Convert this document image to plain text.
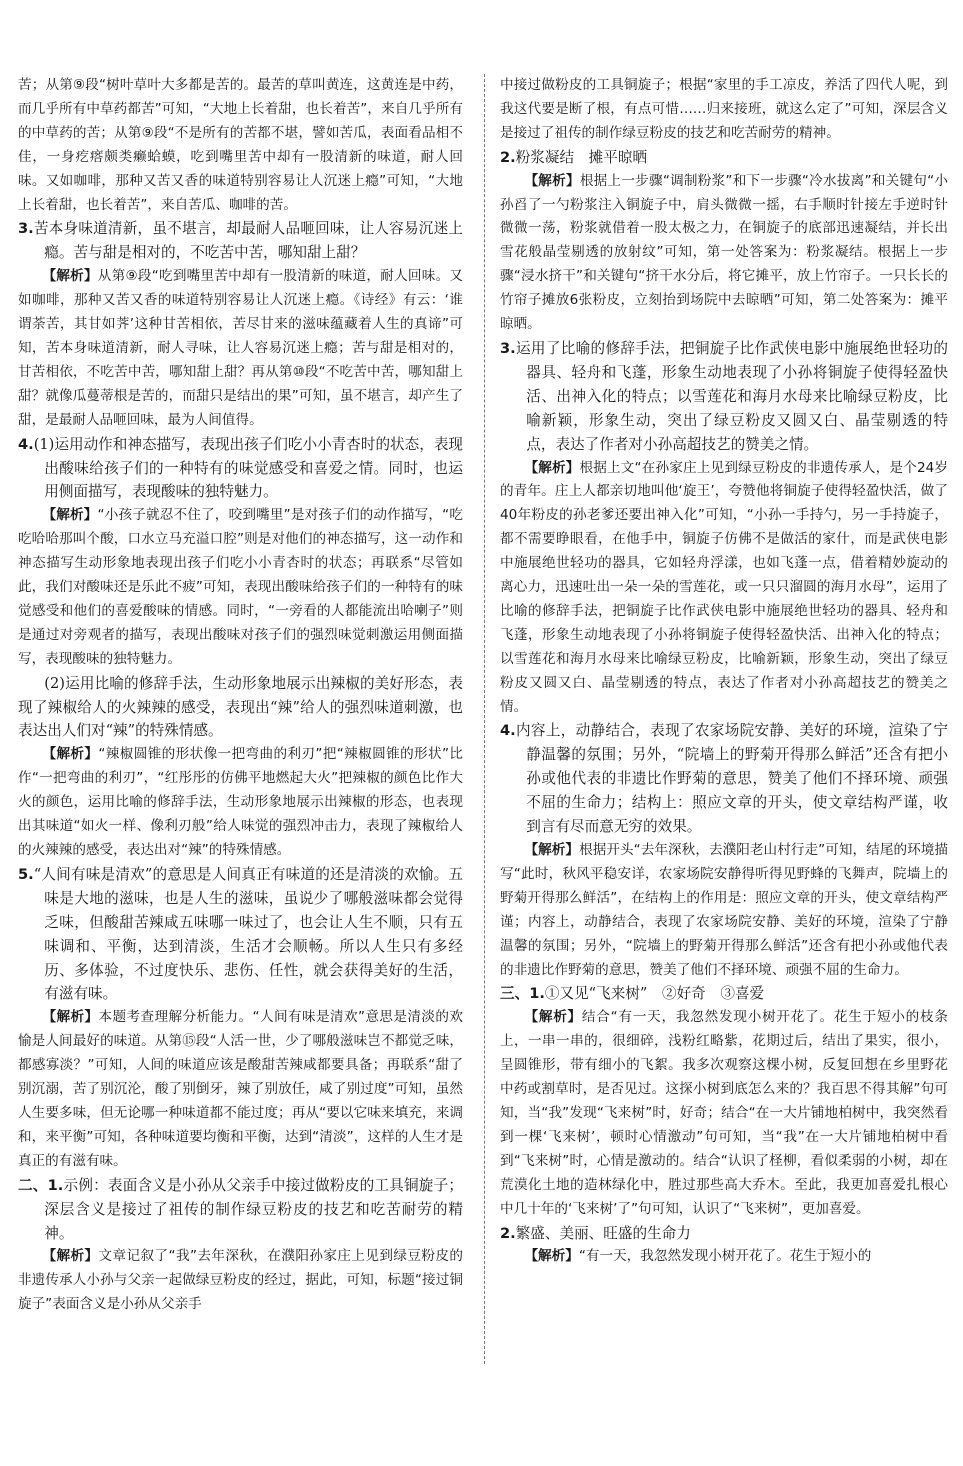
苦；从第⑨段“树叶草叶大多都是苦的。最苦的草叫黄连，这黄连是中药，而几乎所有中草药都苦”可知，“大地上长着甜，也长着苦”，来自几乎所有的中草药的苦；从第⑨段“不是所有的苦都不堪，譬如苦瓜，表面看品相不佳，一身疙瘩颇类癞蛤蟆，吃到嘴里苦中却有一股清新的味道，耐人回味。又如咖啡，那种又苦又香的味道特别容易让人沉迷上瘾”可知，“大地上长着甜，也长着苦”，来自苦瓜、咖啡的苦。

3.苦本身味道清新，虽不堪言，却最耐人品咂回味，让人容易沉迷上瘾。苦与甜是相对的，不吃苦中苦，哪知甜上甜？

【解析】从第⑨段“吃到嘴里苦中却有一股清新的味道，耐人回味。又如咖啡，那种又苦又香的味道特别容易让人沉迷上瘾。《诗经》有云：‘谁谓荼苦，其甘如荠’这种甘苦相依，苦尽甘来的滋味蕴藏着人生的真谛”可知，苦本身味道清新，耐人寻味，让人容易沉迷上瘾；苦与甜是相对的，甘苦相依，不吃苦中苦，哪知甜上甜？再从第⑩段“不吃苦中苦，哪知甜上甜？就像瓜蔓蒂根是苦的，而甜只是结出的果”可知，虽不堪言，却产生了甜，是最耐人品咂回味，最为人间值得。

4.(1)运用动作和神态描写，表现出孩子们吃小小青杏时的状态，表现出酸味给孩子们的一种特有的味觉感受和喜爱之情。同时，也运用侧面描写，表现酸味的独特魅力。

【解析】“小孩子就忍不住了，咬到嘴里”是对孩子们的动作描写，“吃吃哈哈那叫个酸，口水立马充溢口腔”则是对他们的神态描写，这一动作和神态描写生动形象地表现出孩子们吃小小青杏时的状态；再联系“尽管如此，我们对酸味还是乐此不疲”可知，表现出酸味给孩子们的一种特有的味觉感受和他们的喜爱酸味的情感。同时，“一旁看的人都能流出哈喇子”则是通过对旁观者的描写，表现出酸味对孩子们的强烈味觉刺激运用侧面描写，表现酸味的独特魅力。

(2)运用比喻的修辞手法，生动形象地展示出辣椒的美好形态，表现了辣椒给人的火辣辣的感受，表现出“辣”给人的强烈味道刺激，也表达出人们对“辣”的特殊情感。

【解析】“辣椒圆锥的形状像一把弯曲的利刃”把“辣椒圆锥的形状”比作“一把弯曲的利刃”，“红彤彤的仿佛平地燃起大火”把辣椒的颜色比作大火的颜色，运用比喻的修辞手法，生动形象地展示出辣椒的形态，也表现出其味道“如火一样、像利刃般”给人味觉的强烈冲击力，表现了辣椒给人的火辣辣的感受，表达出对“辣”的特殊情感。

5.“人间有味是清欢”的意思是人间真正有味道的还是清淡的欢愉。五味是大地的滋味，也是人生的滋味，虽说少了哪般滋味都会觉得乏味，但酸甜苦辣咸五味哪一味过了，也会让人生不顺，只有五味调和、平衡，达到清淡，生活才会顺畅。所以人生只有多经历、多体验，不过度快乐、悲伤、任性，就会获得美好的生活，有滋有味。

【解析】本题考查理解分析能力。“人间有味是清欢”意思是清淡的欢愉是人间最好的味道。从第⑮段“人活一世，少了哪般滋味岂不都觉乏味，都感寡淡？”可知，人间的味道应该是酸甜苦辣咸都要具备；再联系“甜了别沉溺，苦了别沉沦，酸了别倒牙，辣了别放任，咸了别过度”可知，虽然人生要多味，但无论哪一种味道都不能过度；再从“要以它味来填充，来调和，来平衡”可知，各种味道要均衡和平衡，达到“清淡”，这样的人生才是真正的有滋有味。

二、1.示例：表面含义是小孙从父亲手中接过做粉皮的工具铜旋子；深层含义是接过了祖传的制作绿豆粉皮的技艺和吃苦耐劳的精神。

【解析】文章记叙了“我”去年深秋，在濮阳孙家庄上见到绿豆粉皮的非遗传承人小孙与父亲一起做绿豆粉皮的经过，据此，可知，标题“接过铜旋子”表面含义是小孙从父亲手

中接过做粉皮的工具铜旋子；根据“家里的手工凉皮，养活了四代人呢，到我这代要是断了根，有点可惜……归来接班，就这么定了”可知，深层含义是接过了祖传的制作绿豆粉皮的技艺和吃苦耐劳的精神。

2.粉浆凝结　摊平晾晒

【解析】根据上一步骤“调制粉浆”和下一步骤“冷水拔离”和关键句“小孙舀了一勺粉浆注入铜旋子中，肩头微微一摇，右手顺时针接左手逆时针微微一荡，粉浆就借着一股太极之力，在铜旋子的底部迅速凝结，并长出雪花般晶莹剔透的放射纹”可知，第一处答案为：粉浆凝结。根据上一步骤“浸水挤干”和关键句“挤干水分后，将它摊平，放上竹帘子。一只长长的竹帘子摊放6张粉皮，立刻抬到场院中去晾晒”可知，第二处答案为：摊平晾晒。

3.运用了比喻的修辞手法，把铜旋子比作武侠电影中施展绝世轻功的器具、轻舟和飞蓬，形象生动地表现了小孙将铜旋子使得轻盈快活、出神入化的特点；以雪莲花和海月水母来比喻绿豆粉皮，比喻新颖，形象生动，突出了绿豆粉皮又圆又白、晶莹剔透的特点，表达了作者对小孙高超技艺的赞美之情。

【解析】根据上文“在孙家庄上见到绿豆粉皮的非遗传承人，是个24岁的青年。庄上人都亲切地叫他‘旋王’，夸赞他将铜旋子使得轻盈快活，做了40年粉皮的孙老爹还要出神入化”可知，“小孙一手持勺，另一手持旋子，都不需要睁眼看，在他手中，铜旋子仿佛不是做活的家什，而是武侠电影中施展绝世轻功的器具，它如轻舟浮漾，也如飞蓬一点，借着精妙旋动的离心力，迅速吐出一朵一朵的雪莲花，或一只只溜圆的海月水母”，运用了比喻的修辞手法，把铜旋子比作武侠电影中施展绝世轻功的器具、轻舟和飞蓬，形象生动地表现了小孙将铜旋子使得轻盈快活、出神入化的特点；以雪莲花和海月水母来比喻绿豆粉皮，比喻新颖，形象生动，突出了绿豆粉皮又圆又白、晶莹剔透的特点，表达了作者对小孙高超技艺的赞美之情。

4.内容上，动静结合，表现了农家场院安静、美好的环境，渲染了宁静温馨的氛围；另外，“院墙上的野菊开得那么鲜活”还含有把小孙或他代表的非遗比作野菊的意思，赞美了他们不择环境、顽强不屈的生命力；结构上：照应文章的开头，使文章结构严谨，收到言有尽而意无穷的效果。

【解析】根据开头“去年深秋，去濮阳老山村行走”可知，结尾的环境描写“此时，秋风平稳安详，农家场院安静得听得见野蜂的飞舞声，院墙上的野菊开得那么鲜活”，在结构上的作用是：照应文章的开头，使文章结构严谨；内容上，动静结合，表现了农家场院安静、美好的环境，渲染了宁静温馨的氛围；另外，“院墙上的野菊开得那么鲜活”还含有把小孙或他代表的非遗比作野菊的意思，赞美了他们不择环境、顽强不屈的生命力。

三、1.①又见“飞来树”　②好奇　③喜爱

【解析】结合“有一天，我忽然发现小树开花了。花生于短小的枝条上，一串一串的，很细碎，浅粉红略紫，花期过后，结出了果实，很小，呈圆锥形，带有细小的飞絮。我多次观察这棵小树，反复回想在乡里野花中药或割草时，是否见过。这探小树到底怎么来的？我百思不得其解”句可知，当“我”发现“飞来树”时，好奇；结合“在一大片铺地柏树中，我突然看到一棵‘飞来树’，顿时心情激动”句可知，当“我”在一大片铺地柏树中看到“飞来树”时，心情是激动的。结合“认识了柽柳，看似柔弱的小树，却在荒漠化土地的造林绿化中，胜过那些高大乔木。至此，我更加喜爱扎根心中几十年的‘飞来树’了”句可知，认识了“飞来树”，更加喜爱。

2.繁盛、美丽、旺盛的生命力

【解析】“有一天，我忽然发现小树开花了。花生于短小的
